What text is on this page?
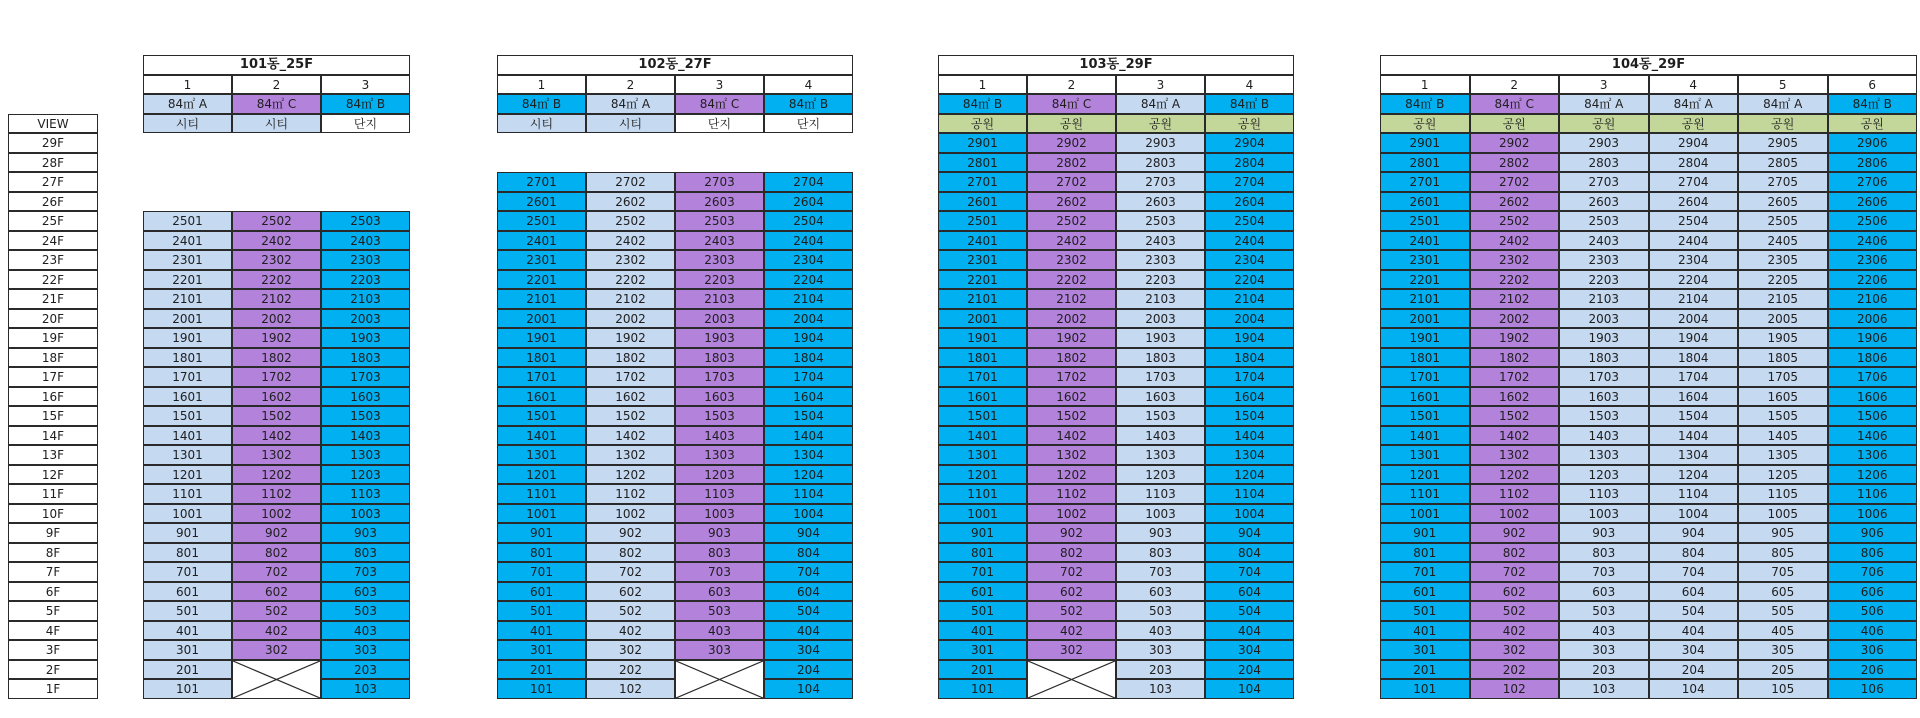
VIEW
29F
28F
27F
26F
25F
24F
23F
22F
21F
20F
19F
18F
17F
16F
15F
14F
13F
12F
11F
10F
9F
8F
7F
6F
5F
4F
3F
2F
1F
101동_25F
1
84㎡ A
시티
2501
2401
2301
2201
2101
2001
1901
1801
1701
1601
1501
1401
1301
1201
1101
1001
901
801
701
601
501
401
301
201
101
2
84㎡ C
시티
2502
2402
2302
2202
2102
2002
1902
1802
1702
1602
1502
1402
1302
1202
1102
1002
902
802
702
602
502
402
302
3
84㎡ B
단지
2503
2403
2303
2203
2103
2003
1903
1803
1703
1603
1503
1403
1303
1203
1103
1003
903
803
703
603
503
403
303
203
103
102동_27F
1
84㎡ B
시티
2701
2601
2501
2401
2301
2201
2101
2001
1901
1801
1701
1601
1501
1401
1301
1201
1101
1001
901
801
701
601
501
401
301
201
101
2
84㎡ A
시티
2702
2602
2502
2402
2302
2202
2102
2002
1902
1802
1702
1602
1502
1402
1302
1202
1102
1002
902
802
702
602
502
402
302
202
102
3
84㎡ C
단지
2703
2603
2503
2403
2303
2203
2103
2003
1903
1803
1703
1603
1503
1403
1303
1203
1103
1003
903
803
703
603
503
403
303
4
84㎡ B
단지
2704
2604
2504
2404
2304
2204
2104
2004
1904
1804
1704
1604
1504
1404
1304
1204
1104
1004
904
804
704
604
504
404
304
204
104
103동_29F
1
84㎡ B
공원
2901
2801
2701
2601
2501
2401
2301
2201
2101
2001
1901
1801
1701
1601
1501
1401
1301
1201
1101
1001
901
801
701
601
501
401
301
201
101
2
84㎡ C
공원
2902
2802
2702
2602
2502
2402
2302
2202
2102
2002
1902
1802
1702
1602
1502
1402
1302
1202
1102
1002
902
802
702
602
502
402
302
3
84㎡ A
공원
2903
2803
2703
2603
2503
2403
2303
2203
2103
2003
1903
1803
1703
1603
1503
1403
1303
1203
1103
1003
903
803
703
603
503
403
303
203
103
4
84㎡ B
공원
2904
2804
2704
2604
2504
2404
2304
2204
2104
2004
1904
1804
1704
1604
1504
1404
1304
1204
1104
1004
904
804
704
604
504
404
304
204
104
104동_29F
1
84㎡ B
공원
2901
2801
2701
2601
2501
2401
2301
2201
2101
2001
1901
1801
1701
1601
1501
1401
1301
1201
1101
1001
901
801
701
601
501
401
301
201
101
2
84㎡ C
공원
2902
2802
2702
2602
2502
2402
2302
2202
2102
2002
1902
1802
1702
1602
1502
1402
1302
1202
1102
1002
902
802
702
602
502
402
302
202
102
3
84㎡ A
공원
2903
2803
2703
2603
2503
2403
2303
2203
2103
2003
1903
1803
1703
1603
1503
1403
1303
1203
1103
1003
903
803
703
603
503
403
303
203
103
4
84㎡ A
공원
2904
2804
2704
2604
2504
2404
2304
2204
2104
2004
1904
1804
1704
1604
1504
1404
1304
1204
1104
1004
904
804
704
604
504
404
304
204
104
5
84㎡ A
공원
2905
2805
2705
2605
2505
2405
2305
2205
2105
2005
1905
1805
1705
1605
1505
1405
1305
1205
1105
1005
905
805
705
605
505
405
305
205
105
6
84㎡ B
공원
2906
2806
2706
2606
2506
2406
2306
2206
2106
2006
1906
1806
1706
1606
1506
1406
1306
1206
1106
1006
906
806
706
606
506
406
306
206
106
